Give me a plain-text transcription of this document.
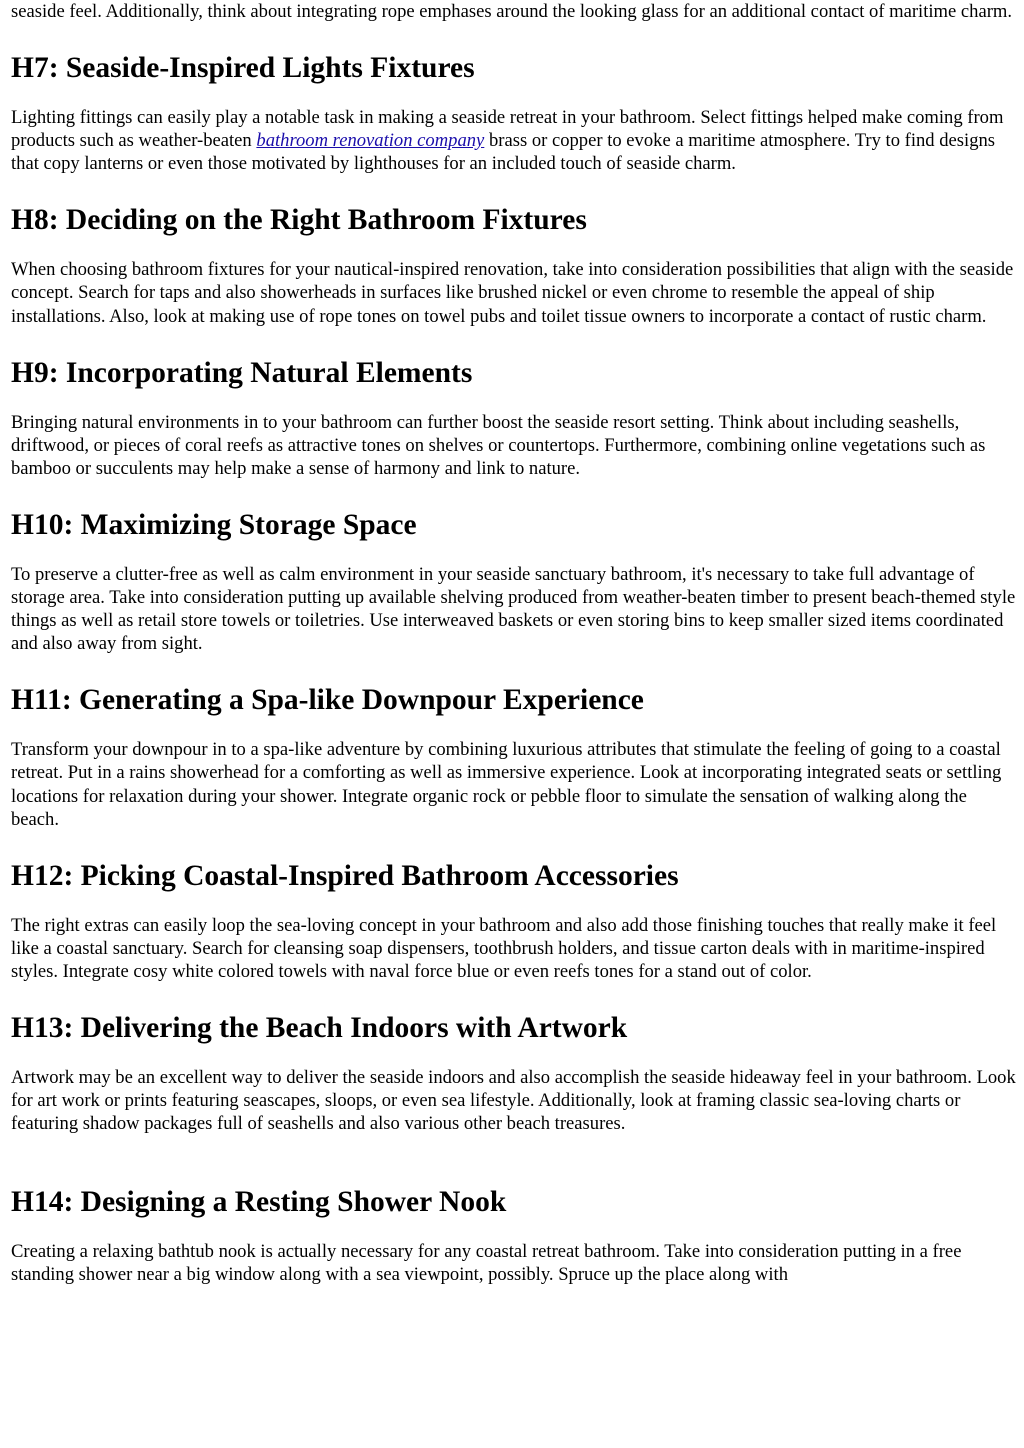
seaside feel. Additionally, think about integrating rope emphases around the looking glass for an additional contact of maritime charm.

H7: Seaside-Inspired Lights Fixtures

Lighting fittings can easily play a notable task in making a seaside retreat in your bathroom. Select fittings helped make coming from products such as weather-beaten bathroom renovation company brass or copper to evoke a maritime atmosphere. Try to find designs that copy lanterns or even those motivated by lighthouses for an included touch of seaside charm.

H8: Deciding on the Right Bathroom Fixtures

When choosing bathroom fixtures for your nautical-inspired renovation, take into consideration possibilities that align with the seaside concept. Search for taps and also showerheads in surfaces like brushed nickel or even chrome to resemble the appeal of ship installations. Also, look at making use of rope tones on towel pubs and toilet tissue owners to incorporate a contact of rustic charm.

H9: Incorporating Natural Elements

Bringing natural environments in to your bathroom can further boost the seaside resort setting. Think about including seashells, driftwood, or pieces of coral reefs as attractive tones on shelves or countertops. Furthermore, combining online vegetations such as bamboo or succulents may help make a sense of harmony and link to nature.

H10: Maximizing Storage Space

To preserve a clutter-free as well as calm environment in your seaside sanctuary bathroom, it's necessary to take full advantage of storage area. Take into consideration putting up available shelving produced from weather-beaten timber to present beach-themed style things as well as retail store towels or toiletries. Use interweaved baskets or even storing bins to keep smaller sized items coordinated and also away from sight.

H11: Generating a Spa-like Downpour Experience

Transform your downpour in to a spa-like adventure by combining luxurious attributes that stimulate the feeling of going to a coastal retreat. Put in a rains showerhead for a comforting as well as immersive experience. Look at incorporating integrated seats or settling locations for relaxation during your shower. Integrate organic rock or pebble floor to simulate the sensation of walking along the beach.

H12: Picking Coastal-Inspired Bathroom Accessories

The right extras can easily loop the sea-loving concept in your bathroom and also add those finishing touches that really make it feel like a coastal sanctuary. Search for cleansing soap dispensers, toothbrush holders, and tissue carton deals with in maritime-inspired styles. Integrate cosy white colored towels with naval force blue or even reefs tones for a stand out of color.

H13: Delivering the Beach Indoors with Artwork

Artwork may be an excellent way to deliver the seaside indoors and also accomplish the seaside hideaway feel in your bathroom. Look for art work or prints featuring seascapes, sloops, or even sea lifestyle. Additionally, look at framing classic sea-loving charts or featuring shadow packages full of seashells and also various other beach treasures.

H14: Designing a Resting Shower Nook

Creating a relaxing bathtub nook is actually necessary for any coastal retreat bathroom. Take into consideration putting in a free standing shower near a big window along with a sea viewpoint, possibly. Spruce up the place along with
